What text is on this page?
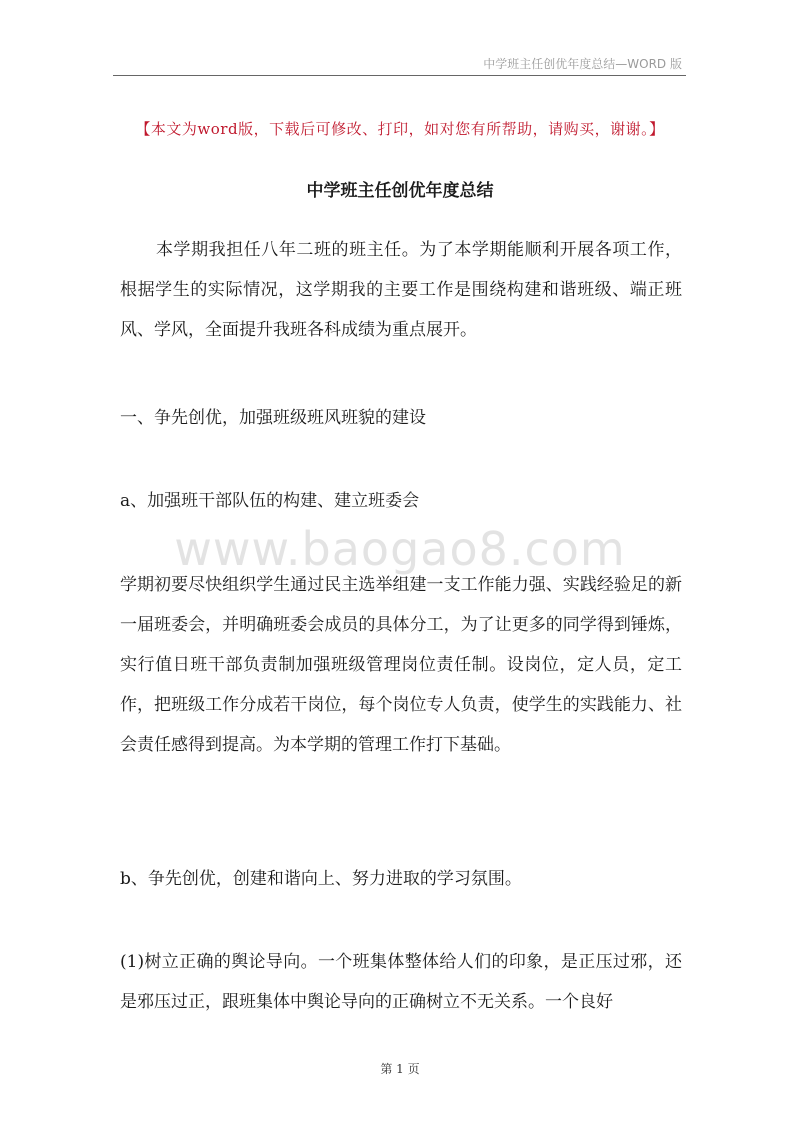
中学班主任创优年度总结—WORD 版
【本文为word版，下载后可修改、打印，如对您有所帮助，请购买，谢谢。】
中学班主任创优年度总结
本学期我担任八年二班的班主任。为了本学期能顺利开展各项工作，根据学生的实际情况，这学期我的主要工作是围绕构建和谐班级、端正班风、学风，全面提升我班各科成绩为重点展开。
一、争先创优，加强班级班风班貌的建设
a、加强班干部队伍的构建、建立班委会
www.baogao8.com
学期初要尽快组织学生通过民主选举组建一支工作能力强、实践经验足的新一届班委会，并明确班委会成员的具体分工，为了让更多的同学得到锤炼，实行值日班干部负责制加强班级管理岗位责任制。设岗位，定人员，定工作，把班级工作分成若干岗位，每个岗位专人负责，使学生的实践能力、社会责任感得到提高。为本学期的管理工作打下基础。
b、争先创优，创建和谐向上、努力进取的学习氛围。
(1)树立正确的舆论导向。一个班集体整体给人们的印象，是正压过邪，还是邪压过正，跟班集体中舆论导向的正确树立不无关系。一个良好
第 1 页
